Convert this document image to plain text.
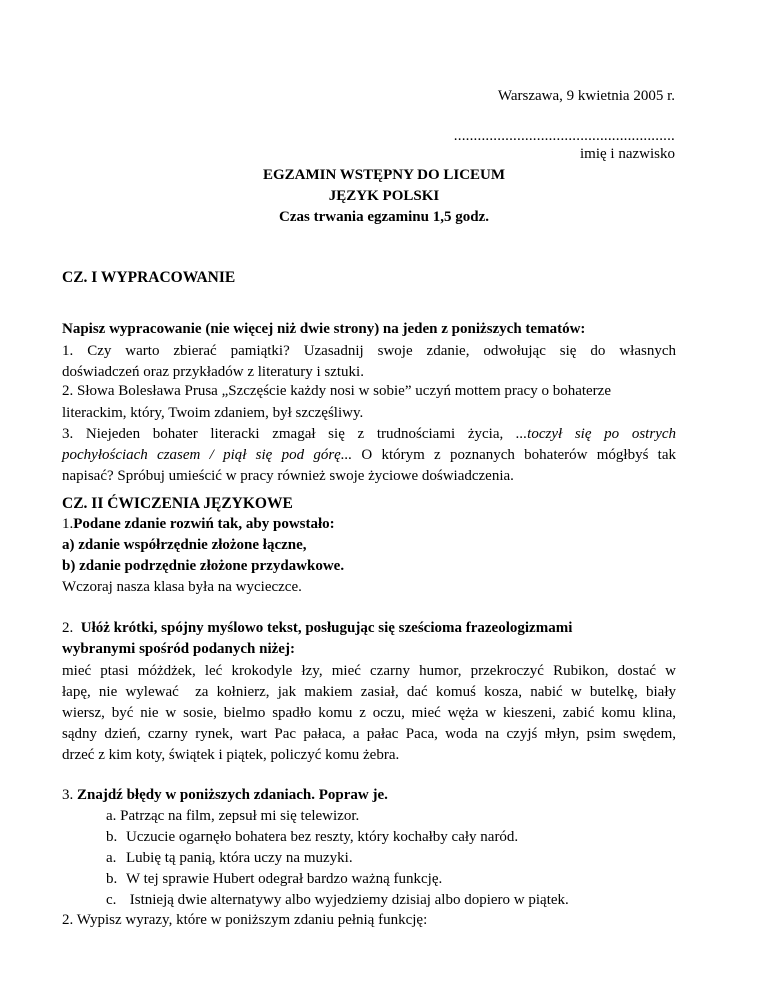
Warszawa, 9 kwietnia 2005 r.
........................................................
imię i nazwisko
EGZAMIN WSTĘPNY DO LICEUM
JĘZYK POLSKI
Czas trwania egzaminu 1,5 godz.
CZ. I WYPRACOWANIE
Napisz wypracowanie (nie więcej niż dwie strony) na jeden z poniższych tematów:
1. Czy warto zbierać pamiątki? Uzasadnij swoje zdanie, odwołując się do własnych
doświadczeń oraz przykładów z literatury i sztuki.
2. Słowa Bolesława Prusa „Szczęście każdy nosi w sobie” uczyń mottem pracy o bohaterze
literackim, który, Twoim zdaniem, był szczęśliwy.
3. Niejeden bohater literacki zmagał się z trudnościami życia, ...toczył się po ostrych
pochyłościach czasem / piął się pod górę... O którym z poznanych bohaterów mógłbyś tak
napisać? Spróbuj umieścić w pracy również swoje życiowe doświadczenia.
CZ. II ĆWICZENIA JĘZYKOWE
1.Podane zdanie rozwiń tak, aby powstało:
a) zdanie współrzędnie złożone łączne,
b) zdanie podrzędnie złożone przydawkowe.
Wczoraj nasza klasa była na wycieczce.
2.  Ułóż krótki, spójny myślowo tekst, posługując się sześcioma frazeologizmami
wybranymi spośród podanych niżej:
mieć ptasi móżdżek, leć krokodyle łzy, mieć czarny humor, przekroczyć Rubikon, dostać w
łapę, nie wylewać  za kołnierz, jak makiem zasiał, dać komuś kosza, nabić w butelkę, biały
wiersz, być nie w sosie, bielmo spadło komu z oczu, mieć węża w kieszeni, zabić komu klina,
sądny dzień, czarny rynek, wart Pac pałaca, a pałac Paca, woda na czyjś młyn, psim swędem,
drzeć z kim koty, świątek i piątek, policzyć komu żebra.
3. Znajdź błędy w poniższych zdaniach. Popraw je.
a. Patrząc na film, zepsuł mi się telewizor.
b. Uczucie ogarnęło bohatera bez reszty, który kochałby cały naród.
a. Lubię tą panią, która uczy na muzyki.
b. W tej sprawie Hubert odegrał bardzo ważną funkcję.
c. Istnieją dwie alternatywy albo wyjedziemy dzisiaj albo dopiero w piątek.
2. Wypisz wyrazy, które w poniższym zdaniu pełnią funkcję:
